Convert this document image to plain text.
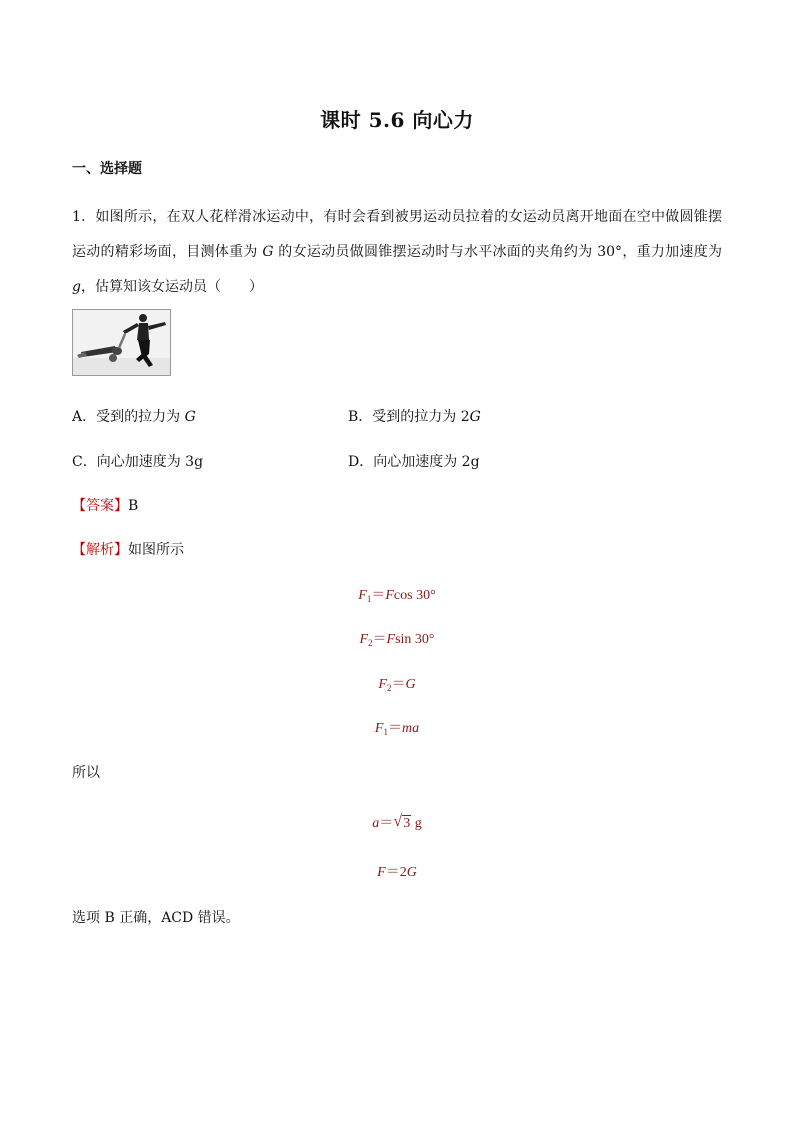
课时 5.6 向心力
一、选择题
1．如图所示，在双人花样滑冰运动中，有时会看到被男运动员拉着的女运动员离开地面在空中做圆锥摆运动的精彩场面，目测体重为 G 的女运动员做圆锥摆运动时与水平冰面的夹角约为 30°，重力加速度为 g，估算知该女运动员（　　）
A．受到的拉力为 G	B．受到的拉力为 2G
C．向心加速度为 3g	D．向心加速度为 2g
【答案】B
【解析】如图所示
$F_1=Fcos$ 30°
$F_2=Fsin$ 30°
$F_2=G$
$F_1=ma$
所以
a＝ √ 3 g
F＝2G
选项 B 正确，ACD 错误。
